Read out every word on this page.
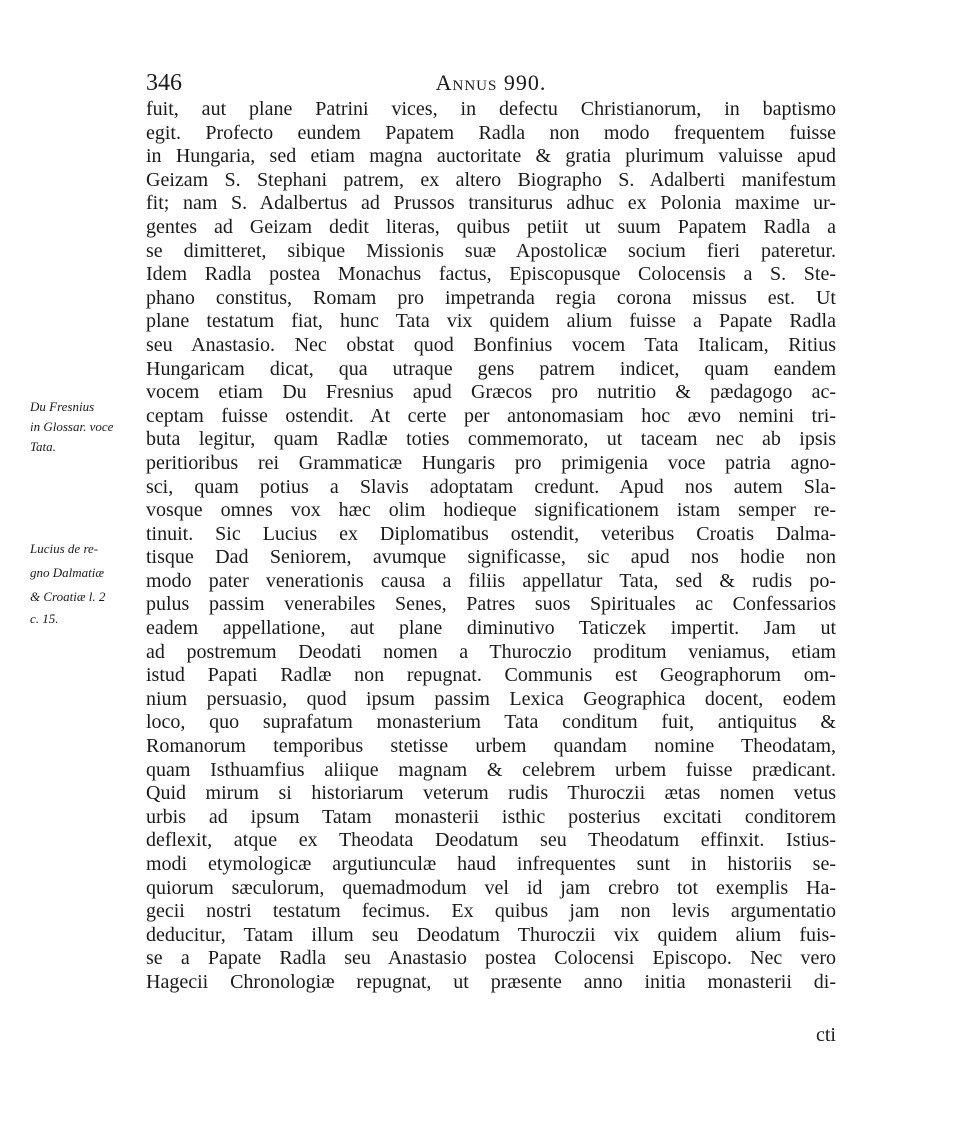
346	Annus 990.
fuit, aut plane Patrini vices, in defectu Christianorum, in baptismo
egit. Profecto eundem Papatem Radla non modo frequentem fuisse
in Hungaria, sed etiam magna auctoritate & gratia plurimum valuisse apud
Geizam S. Stephani patrem, ex altero Biographo S. Adalberti manifestum
fit; nam S. Adalbertus ad Prussos transiturus adhuc ex Polonia maxime ur-
gentes ad Geizam dedit literas, quibus petiit ut suum Papatem Radla a
se dimitteret, sibique Missionis suæ Apostolicæ socium fieri pateretur.
Idem Radla postea Monachus factus, Episcopusque Colocensis a S. Ste-
phano constitus, Romam pro impetranda regia corona missus est. Ut
plane testatum fiat, hunc Tata vix quidem alium fuisse a Papate Radla
seu Anastasio. Nec obstat quod Bonfinius vocem Tata Italicam, Ritius
Hungaricam dicat, qua utraque gens patrem indicet, quam eandem
vocem etiam Du Fresnius apud Græcos pro nutritio & pædagogo ac-
ceptam fuisse ostendit. At certe per antonomasiam hoc ævo nemini tri-
buta legitur, quam Radlæ toties commemorato, ut taceam nec ab ipsis
peritioribus rei Grammaticæ Hungaris pro primigenia voce patria agno-
sci, quam potius a Slavis adoptatam credunt. Apud nos autem Sla-
vosque omnes vox hæc olim hodieque significationem istam semper re-
tinuit. Sic Lucius ex Diplomatibus ostendit, veteribus Croatis Dalma-
tisque Dad Seniorem, avumque significasse, sic apud nos hodie non
modo pater venerationis causa a filiis appellatur Tata, sed & rudis po-
pulus passim venerabiles Senes, Patres suos Spirituales ac Confessarios
eadem appellatione, aut plane diminutivo Taticzek impertit. Jam ut
ad postremum Deodati nomen a Thuroczio proditum veniamus, etiam
istud Papati Radlæ non repugnat. Communis est Geographorum om-
nium persuasio, quod ipsum passim Lexica Geographica docent, eodem
loco, quo suprafatum monasterium Tata conditum fuit, antiquitus &
Romanorum temporibus stetisse urbem quandam nomine Theodatam,
quam Isthuamfius aliique magnam & celebrem urbem fuisse prædicant.
Quid mirum si historiarum veterum rudis Thuroczii ætas nomen vetus
urbis ad ipsum Tatam monasterii isthic posterius excitati conditorem
deflexit, atque ex Theodata Deodatum seu Theodatum effinxit. Istius-
modi etymologicæ argutiunculæ haud infrequentes sunt in historiis se-
quiorum sæculorum, quemadmodum vel id jam crebro tot exemplis Ha-
gecii nostri testatum fecimus. Ex quibus jam non levis argumentatio
deducitur, Tatam illum seu Deodatum Thuroczii vix quidem alium fuis-
se a Papate Radla seu Anastasio postea Colocensi Episcopo. Nec vero
Hagecii Chronologiæ repugnat, ut præsente anno initia monasterii di-
Du Fresnius
in Glossar. voce
Tata.
Lucius de re-
gno Dalmatiæ
& Croatiæ l. 2
c. 15.
cti
